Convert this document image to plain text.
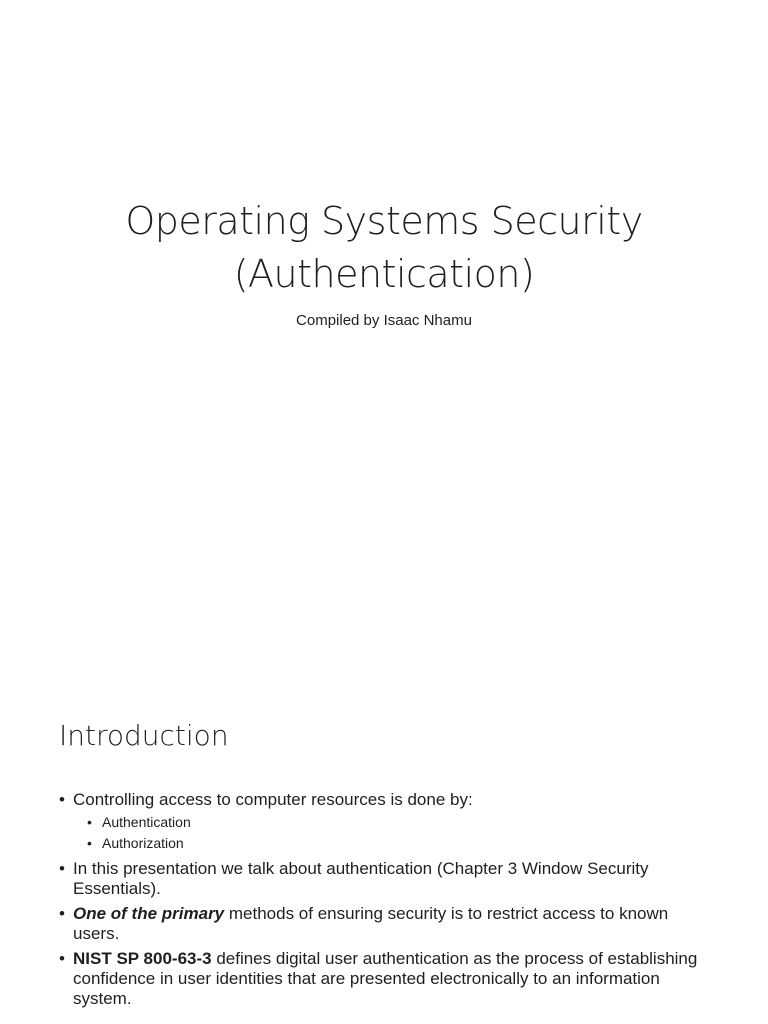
Operating Systems Security
(Authentication)
Compiled by Isaac Nhamu
Introduction
• Controlling access to computer resources is done by:
• Authentication
• Authorization
• In this presentation we talk about authentication (Chapter 3 Window Security Essentials).
• One of the primary methods of ensuring security is to restrict access to known users.
• NIST SP 800-63-3 defines digital user authentication as the process of establishing confidence in user identities that are presented electronically to an information system.
